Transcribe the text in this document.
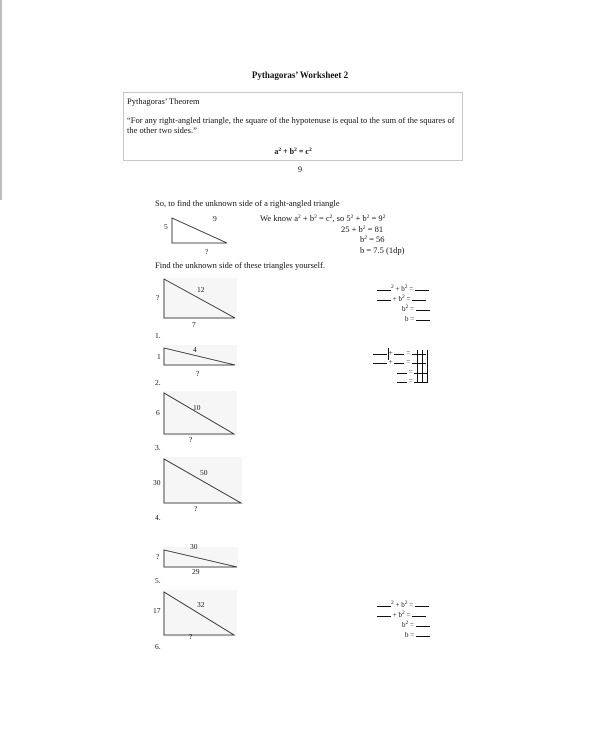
Pythagoras’ Worksheet 2
Pythagoras’ Theorem
“For any right-angled triangle, the square of the hypotenuse is equal to the sum of the squares of the other two sides.”
$a^2 + b^2 = c^2$
9
So, to find the unknown side of a right-angled triangle
5
9
?
We know $a^2 + b^2 = c^2$, so $5^2 + b^2 = 9^2$
$25 + b^2 = 81$
$b^2 = 56$
b = 7.5 (1dp)
Find the unknown side of these triangles yourself.
?
12
7
1.
$^2 + b^2$ =
+ $b^2$ =
$b^2$ =
b =
1
4
?
2.
+  =
+  =
=
=
6
10
?
3.
30
50
?
4.
?
30
29
5.
17
32
?
6.
$^2 + b^2$ =
+ $b^2$ =
$b^2$ =
b =
